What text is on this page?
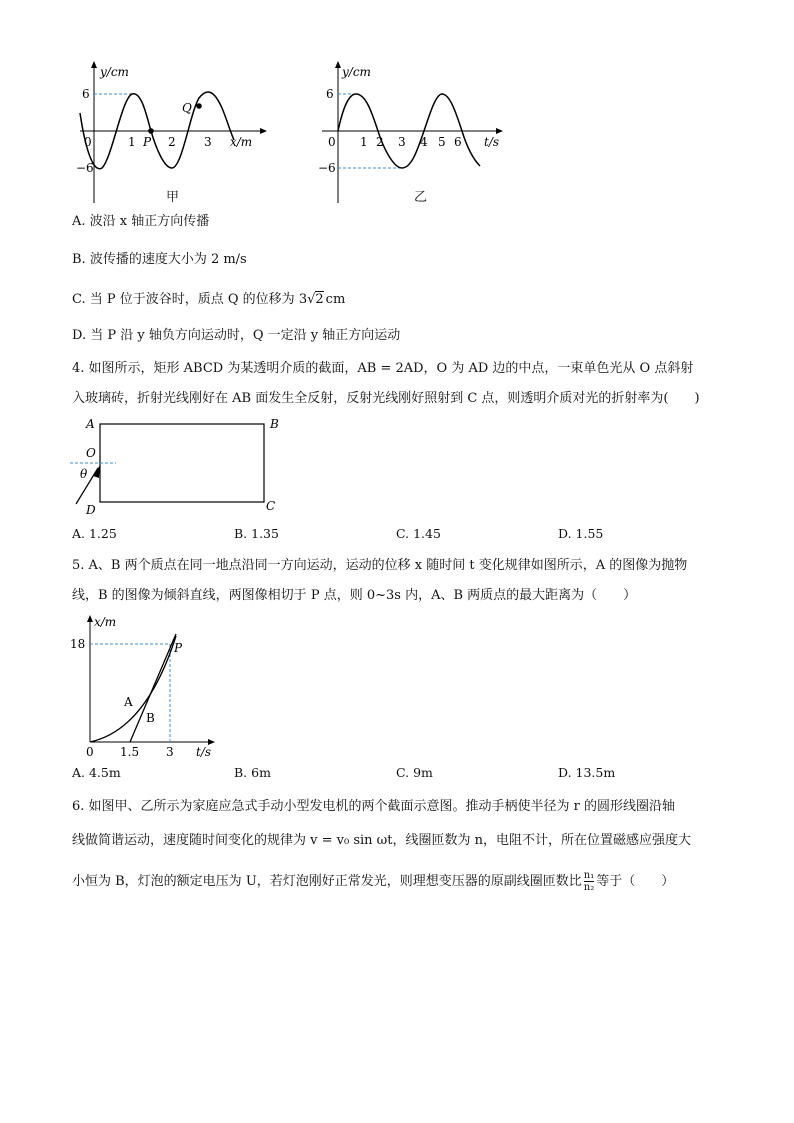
y/cm
6
−6
0	1 P 2 3
Q
x/m
甲
y/cm
6
−6
0 1 2 3 4 5 6 t/s
乙
A. 波沿 x 轴正方向传播
B. 波传播的速度大小为 2 m/s
C. 当 P 位于波谷时，质点 Q 的位移为 3√2 cm
D. 当 P 沿 y 轴负方向运动时，Q 一定沿 y 轴正方向运动
4. 如图所示，矩形 ABCD 为某透明介质的截面，AB = 2AD，O 为 AD 边的中点，一束单色光从 O 点斜射
入玻璃砖，折射光线刚好在 AB 面发生全反射，反射光线刚好照射到 C 点，则透明介质对光的折射率为(　　)
A	B
C
D
O
θ
A. 1.25	B. 1.35	C. 1.45	D. 1.55
5. A、B 两个质点在同一地点沿同一方向运动，运动的位移 x 随时间 t 变化规律如图所示，A 的图像为抛物
线，B 的图像为倾斜直线，两图像相切于 P 点，则 0~3s 内，A、B 两质点的最大距离为（　　）
x/m
18
0 1.5 3 t/s
P
A
B
A. 4.5m	B. 6m	C. 9m	D. 13.5m
6. 如图甲、乙所示为家庭应急式手动小型发电机的两个截面示意图。推动手柄使半径为 r 的圆形线圈沿轴
线做简谐运动，速度随时间变化的规律为 v = v₀ sin ωt，线圈匝数为 n，电阻不计，所在位置磁感应强度大
小恒为 B，灯泡的额定电压为 U，若灯泡刚好正常发光，则理想变压器的原副线圈匝数比 $\frac{\text{n₁}}{\text{n₂}}$ 等于（　　）
